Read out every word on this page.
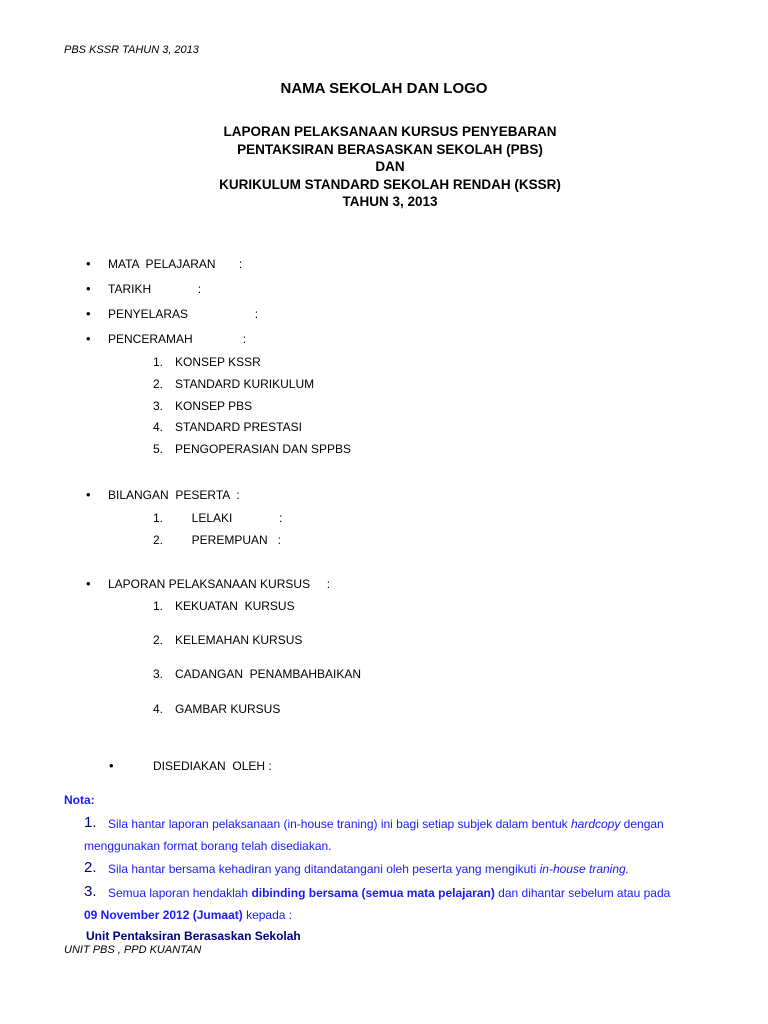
PBS KSSR TAHUN 3, 2013
NAMA SEKOLAH DAN LOGO
LAPORAN PELAKSANAAN KURSUS PENYEBARAN
PENTAKSIRAN BERASASKAN SEKOLAH (PBS)
DAN
KURIKULUM STANDARD SEKOLAH RENDAH (KSSR)
TAHUN 3, 2013

•

MATA  PELAJARAN       :

•

TARIKH              :

•

PENYELARAS                    :

•

PENCERAMAH               :

1.

KONSEP KSSR

2.

STANDARD KURIKULUM

3.

KONSEP PBS

4.

STANDARD PRESTASI

5.

PENGOPERASIAN DAN SPPBS

•

BILANGAN  PESERTA  :

1.

LELAKI              :

2.

PEREMPUAN   :

•

LAPORAN PELAKSANAAN KURSUS     :

1.

KEKUATAN  KURSUS

2.

KELEMAHAN KURSUS

3.

CADANGAN  PENAMBAHBAIKAN

4.

GAMBAR KURSUS

•

	DISEDIAKAN  OLEH :

Nota:
1. Sila hantar laporan pelaksanaan (in-house traning) ini bagi setiap subjek dalam bentuk hardcopy dengan
menggunakan format borang telah disediakan.
2. Sila hantar bersama kehadiran yang ditandatangani oleh peserta yang mengikuti in-house traning.
3. Semua laporan hendaklah dibinding bersama (semua mata pelajaran) dan dihantar sebelum atau pada
09 November 2012 (Jumaat) kepada :
Unit Pentaksiran Berasaskan Sekolah
UNIT PBS , PPD KUANTAN
